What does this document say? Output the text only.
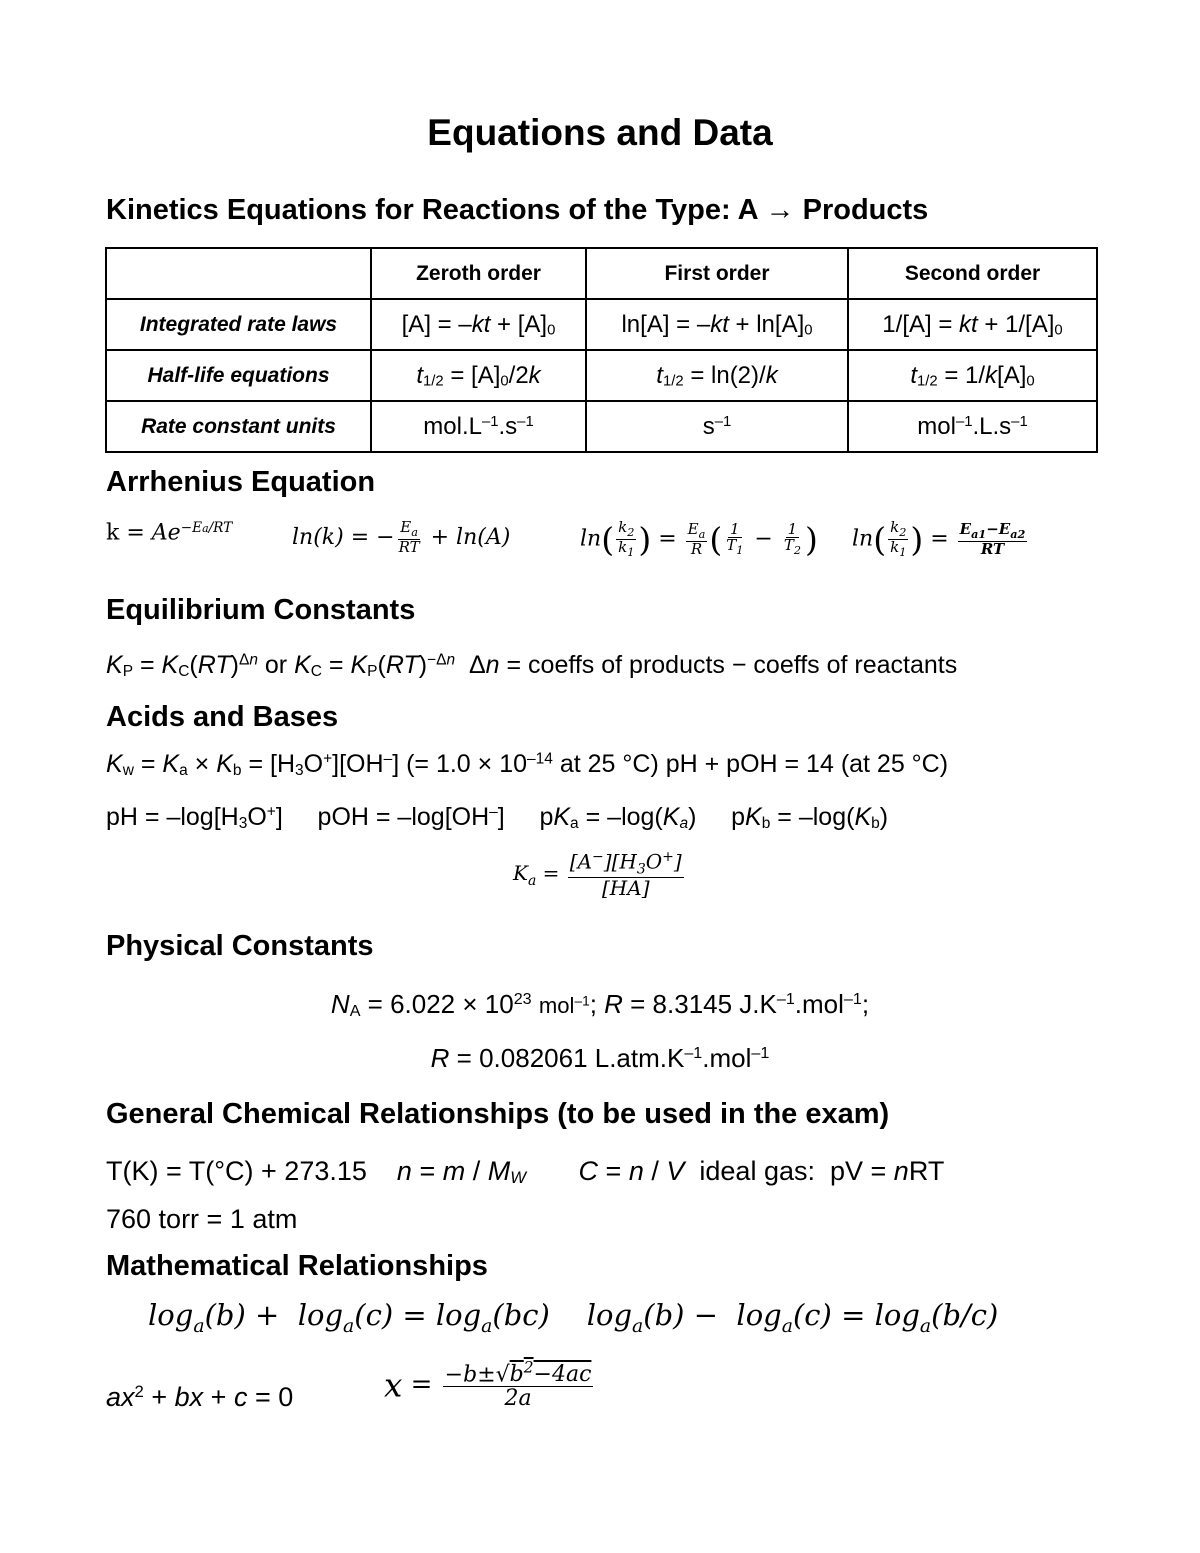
Equations and Data
Kinetics Equations for Reactions of the Type: A → Products
	Zeroth order	First order	Second order
Integrated rate laws	[A] = –kt + [A]0	ln[A] = –kt + ln[A]0	1/[A] = kt + 1/[A]0
Half-life equations	t1/2 = [A]0/2k	t1/2 = ln(2)/k	t1/2 = 1/k[A]0
Rate constant units	$mol.L^{-1}.s^{-1}$	$s^{-1}$	$mol^{-1}.L.s^{-1}$
Arrhenius Equation
$k = Ae^{-Ea/RT}$	ln(k) = − $\frac{E_a}{RT} + \ln(A)$	$\ln( \frac{k_2}{k_1}$ ) = $\frac{E_a}{R}$ ( $\frac{1}{T_1} - \frac{1}{T_2}$ ) $\ln( \frac{k_2}{k_1}$ ) = $\frac{E_{a1}-E_{a2}}{RT}$
Equilibrium Constants
KP = KC(RT)$^{\Delta n}$ or KC = KP(RT)$^{-\Delta n}$  Δn = coeffs of products − coeffs of reactants
Acids and Bases
Kw = Ka × Kb = [H3O+][OH–] (= $1.0 \times 10^{-14}$ at 25 °C) pH + pOH = 14 (at 25 °C)
pH = –log[H3O+]     pOH = –log[OH–]     pKa = –log(Ka)     pKb = –log(Kb)
$K_a = \frac{[A^-][H_3O^+]}{[HA]}$
Physical Constants
NA = $6.022 \times 10^{23}$ mol$^{-1}$; R = 8.3145 $J.K^{-1}.mol^{-1}$;
R = 0.082061 $L.atm.K^{-1}.mol^{-1}$
General Chemical Relationships (to be used in the exam)
T(K) = T(°C) + 273.15    n = m / MW C = n / V  ideal gas:  pV = nRT
760 torr = 1 atm
Mathematical Relationships
$\log_a(b) + \log_a(c) = \log_a(bc)$    $\log_a(b) - \log_a(c) = \log_a(b/c)$
$ax^2$ + bx + c = 0	$x = \frac{-b\pm√b^2-4ac}{2a}$
